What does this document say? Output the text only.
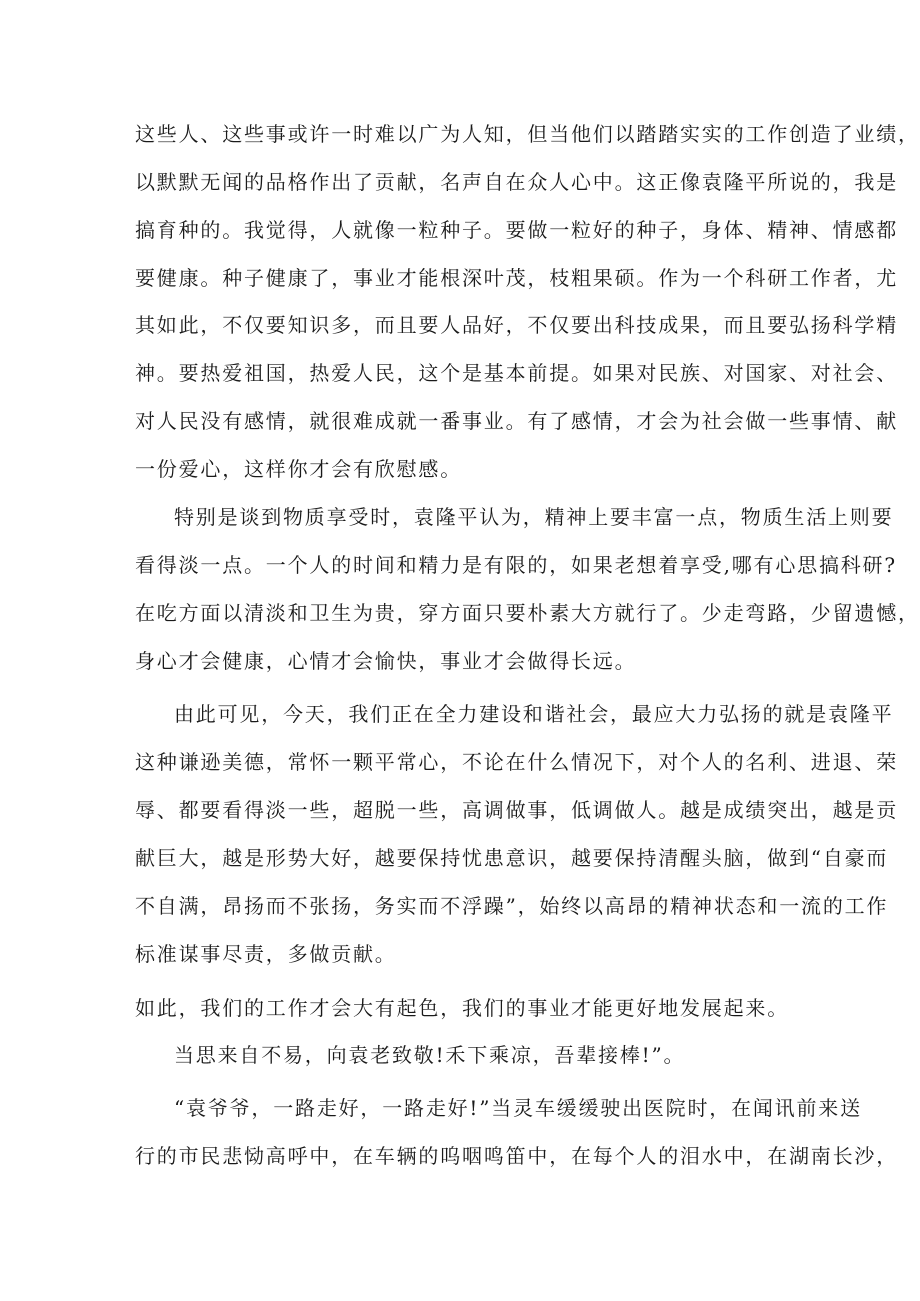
这些人、这些事或许一时难以广为人知，但当他们以踏踏实实的工作创造了业绩，

以默默无闻的品格作出了贡献，名声自在众人心中。这正像袁隆平所说的，我是

搞育种的。我觉得，人就像一粒种子。要做一粒好的种子，身体、精神、情感都

要健康。种子健康了，事业才能根深叶茂，枝粗果硕。作为一个科研工作者，尤

其如此，不仅要知识多，而且要人品好，不仅要出科技成果，而且要弘扬科学精

神。要热爱祖国，热爱人民，这个是基本前提。如果对民族、对国家、对社会、

对人民没有感情，就很难成就一番事业。有了感情，才会为社会做一些事情、献

一份爱心，这样你才会有欣慰感。

特别是谈到物质享受时，袁隆平认为，精神上要丰富一点，物质生活上则要

看得淡一点。一个人的时间和精力是有限的，如果老想着享受,哪有心思搞科研?

在吃方面以清淡和卫生为贵，穿方面只要朴素大方就行了。少走弯路，少留遗憾，

身心才会健康，心情才会愉快，事业才会做得长远。

由此可见，今天，我们正在全力建设和谐社会，最应大力弘扬的就是袁隆平

这种谦逊美德，常怀一颗平常心，不论在什么情况下，对个人的名利、进退、荣

辱、都要看得淡一些，超脱一些，高调做事，低调做人。越是成绩突出，越是贡

献巨大，越是形势大好，越要保持忧患意识，越要保持清醒头脑，做到“自豪而

不自满，昂扬而不张扬，务实而不浮躁”，始终以高昂的精神状态和一流的工作

标准谋事尽责，多做贡献。

如此，我们的工作才会大有起色，我们的事业才能更好地发展起来。

当思来自不易，向袁老致敬!禾下乘凉，吾辈接棒!”。

“袁爷爷，一路走好，一路走好!”当灵车缓缓驶出医院时，在闻讯前来送

行的市民悲恸高呼中，在车辆的呜咽鸣笛中，在每个人的泪水中，在湖南长沙，
